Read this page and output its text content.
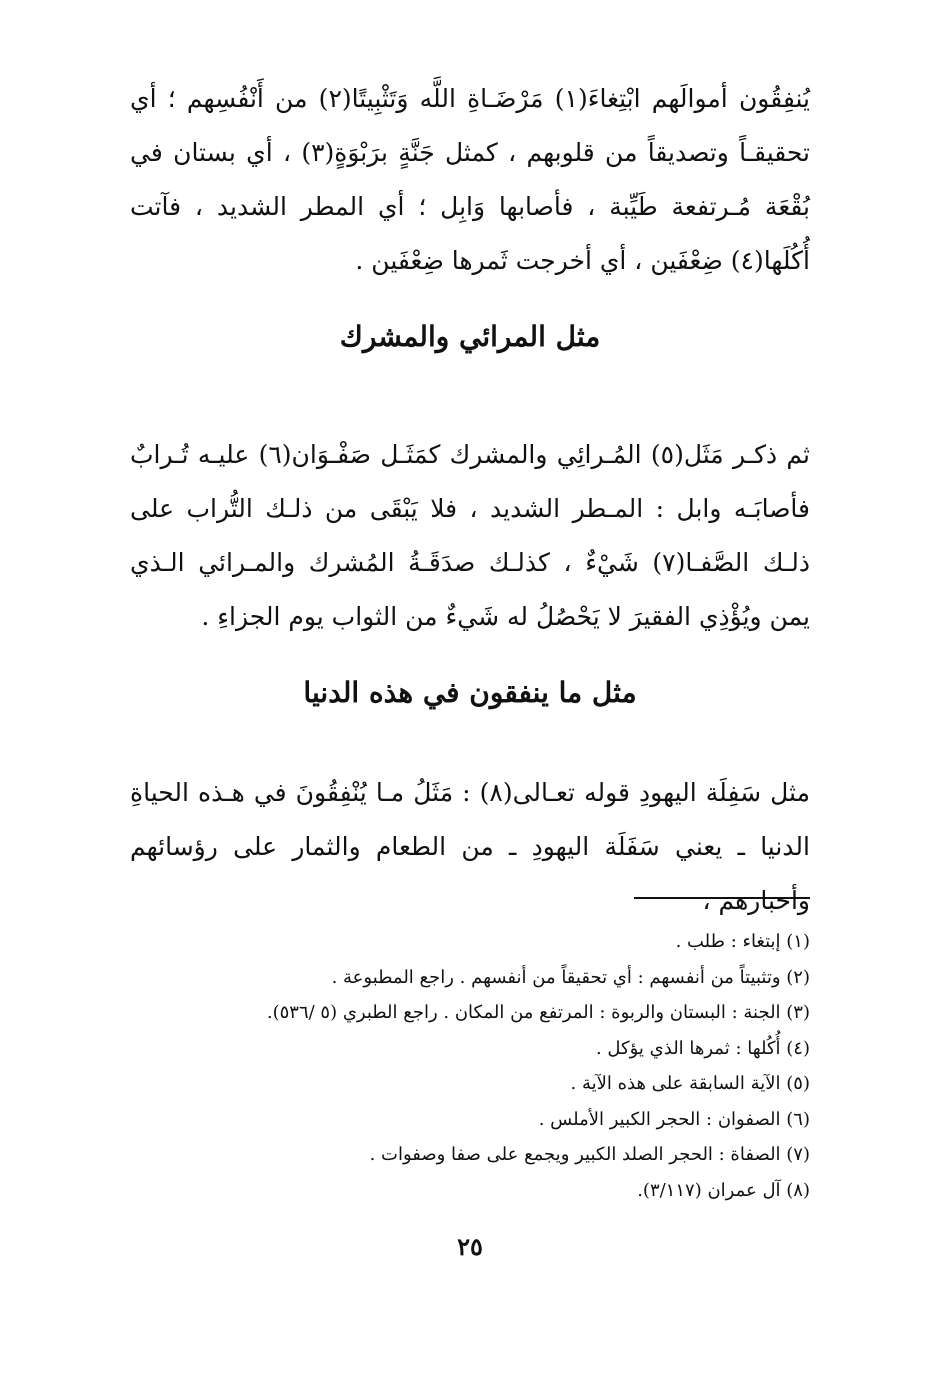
يُنفِقُون أموالَهم ابْتِغاءَ(١) مَرْضَـاةِ اللَّه وَتَثْبِيتًا(٢) من أَنْفُسِهم ؛ أي تحقيقـاً وتصديقاً من قلوبهم ، كمثل جَنَّةٍ برَبْوَةٍ(٣) ، أي بستان في بُقْعَة مُـرتفعة طَيِّبة ، فأصابها وَابِل ؛ أي المطر الشديد ، فآتت أُكُلَها(٤) ضِعْفَين ، أي أخرجت ثَمرها ضِعْفَين .

مثل المرائي والمشرك

ثم ذكـر مَثَل(٥) المُـرائِي والمشرك كمَثَـل صَفْـوَان(٦) عليـه تُـرابٌ فأصابَـه وابل : المـطر الشديد ، فلا يَبْقَى من ذلـك التُّراب على ذلـك الصَّفـا(٧) شَيْءٌ ، كذلـك صدَقَـةُ المُشرك والمـرائي الـذي يمن ويُؤْذِي الفقيرَ لا يَحْصُلُ له شَيءٌ من الثواب يوم الجزاءِ .

مثل ما ينفقون في هذه الدنيا

مثل سَفِلَة اليهودِ قوله تعـالى(٨) : مَثَلُ مـا يُنْفِقُونَ في هـذه الحياةِ الدنيا ـ يعني سَفَلَة اليهودِ ـ من الطعام والثمار على رؤسائهم وأحبارهم ،

(١) إبتغاء : طلب .
(٢) وتثبيتاً من أنفسهم : أي تحقيقاً من أنفسهم . راجع المطبوعة .
(٣) الجنة : البستان والربوة : المرتفع من المكان . راجع الطبري (٥ /٥٣٦).
(٤) أُكُلها : ثمرها الذي يؤكل .
(٥) الآية السابقة على هذه الآية .
(٦) الصفوان : الحجر الكبير الأملس .
(٧) الصفاة : الحجر الصلد الكبير ويجمع على صفا وصفوات .
(٨) آل عمران (٣/١١٧).
٢٥
